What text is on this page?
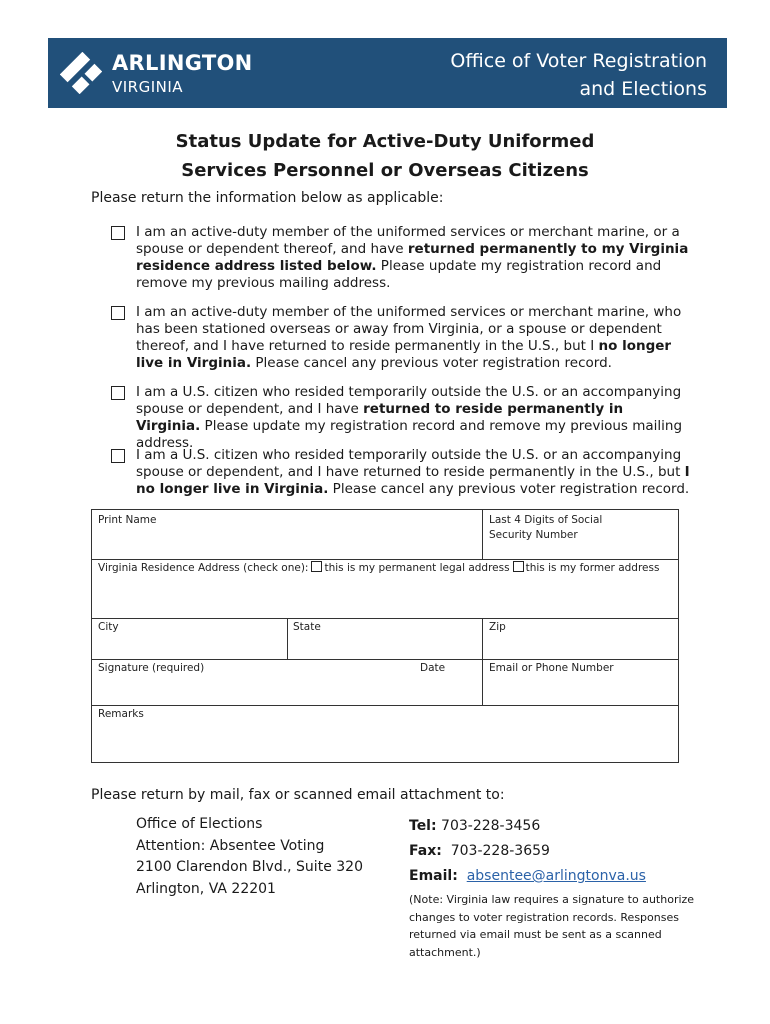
ARLINGTON
VIRGINIA
Office of Voter Registration
and Elections
Status Update for Active-Duty Uniformed
Services Personnel or Overseas Citizens
Please return the information below as applicable:
I am an active-duty member of the uniformed services or merchant marine, or a spouse or dependent thereof, and have returned permanently to my Virginia residence address listed below. Please update my registration record and remove my previous mailing address.
I am an active-duty member of the uniformed services or merchant marine, who has been stationed overseas or away from Virginia, or a spouse or dependent thereof, and I have returned to reside permanently in the U.S., but I no longer live in Virginia. Please cancel any previous voter registration record.
I am a U.S. citizen who resided temporarily outside the U.S. or an accompanying spouse or dependent, and I have returned to reside permanently in Virginia. Please update my registration record and remove my previous mailing address.
I am a U.S. citizen who resided temporarily outside the U.S. or an accompanying spouse or dependent, and I have returned to reside permanently in the U.S., but I no longer live in Virginia. Please cancel any previous voter registration record.
Print Name	Last 4 Digits of Social
Security Number
Virginia Residence Address (check one): this is my permanent legal address this is my former address
City	State	Zip
Signature (required)	Date	Email or Phone Number
Remarks
Please return by mail, fax or scanned email attachment to:
Office of Elections
Attention: Absentee Voting
2100 Clarendon Blvd., Suite 320
Arlington, VA 22201
Tel: 703-228-3456
Fax: 703-228-3659
Email: absentee@arlingtonva.us
(Note: Virginia law requires a signature to authorize changes to voter registration records. Responses returned via email must be sent as a scanned attachment.)
